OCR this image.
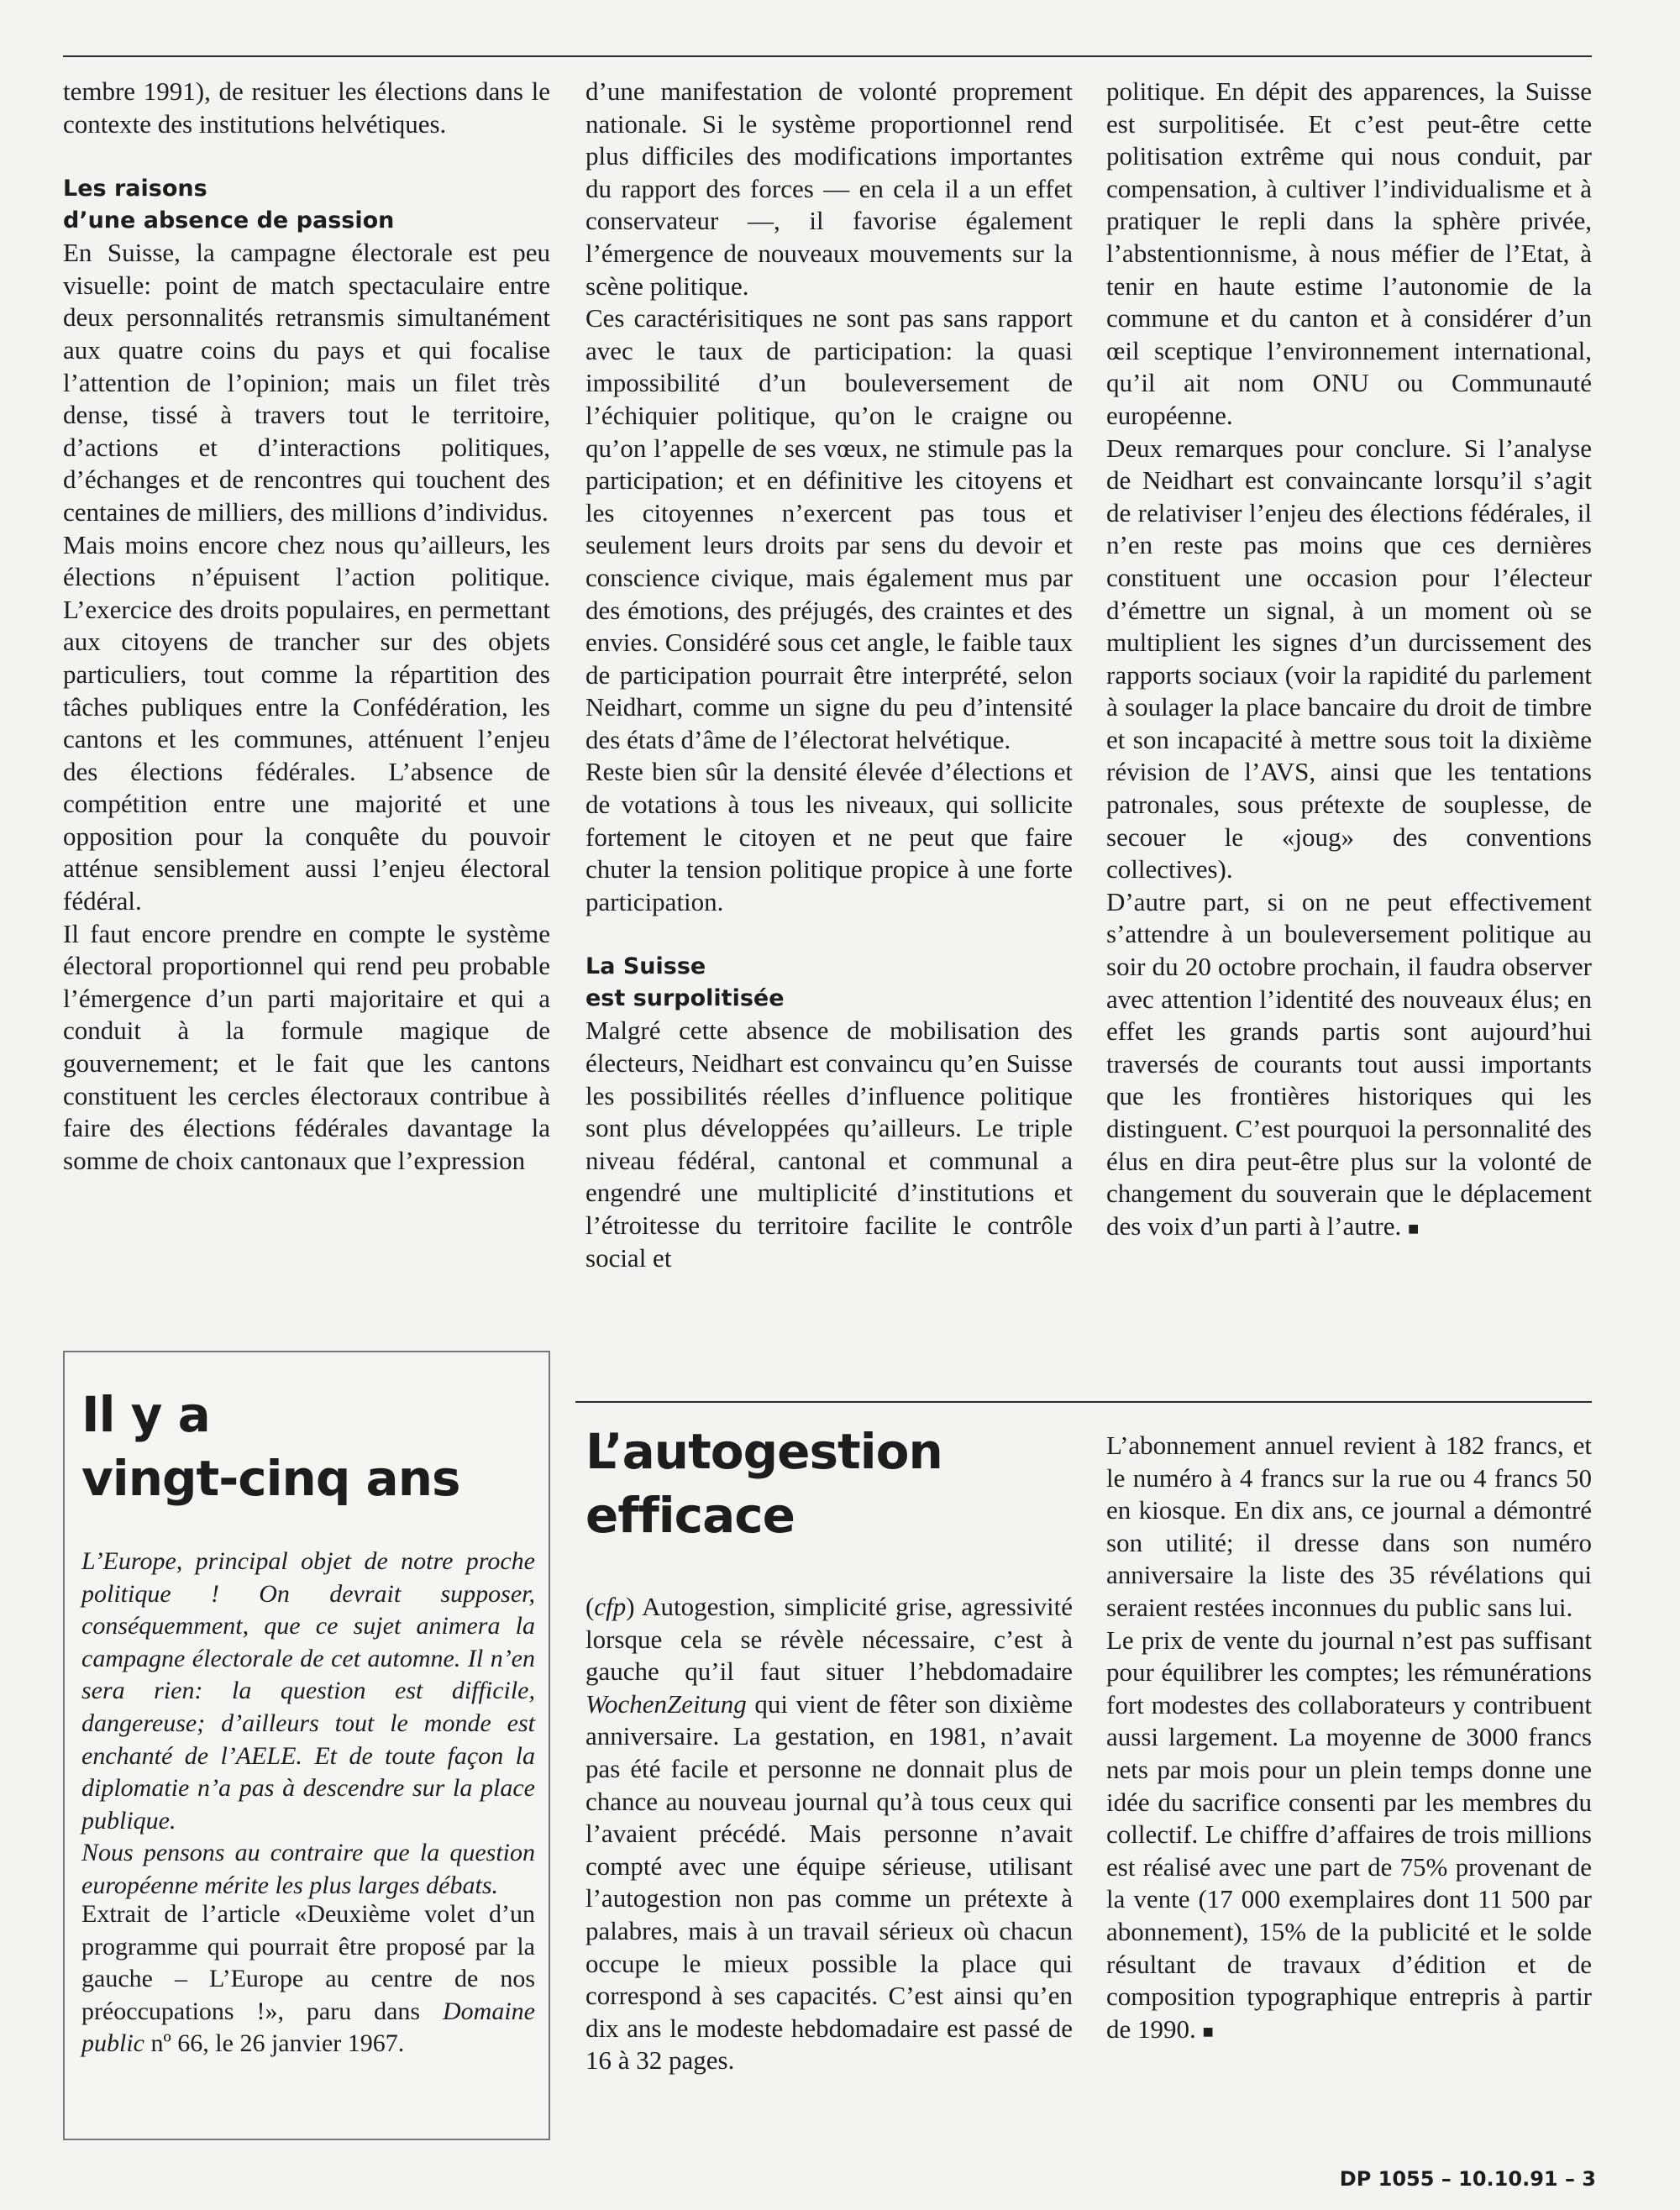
tembre 1991), de resituer les élections dans le contexte des institutions helvétiques.

Les raisons
d’une absence de passion

En Suisse, la campagne électorale est peu visuelle: point de match spectaculaire entre deux personnalités retransmis simultanément aux quatre coins du pays et qui focalise l’attention de l’opinion; mais un filet très dense, tissé à travers tout le territoire, d’actions et d’interactions politiques, d’échanges et de rencontres qui touchent des centaines de milliers, des millions d’individus.

Mais moins encore chez nous qu’ailleurs, les élections n’épuisent l’action politique. L’exercice des droits populaires, en permettant aux citoyens de trancher sur des objets particuliers, tout comme la répartition des tâches publiques entre la Confédération, les cantons et les communes, atténuent l’enjeu des élections fédérales. L’absence de compétition entre une majorité et une opposition pour la conquête du pouvoir atténue sensiblement aussi l’enjeu électoral fédéral.

Il faut encore prendre en compte le système électoral proportionnel qui rend peu probable l’émergence d’un parti majoritaire et qui a conduit à la formule magique de gouvernement; et le fait que les cantons constituent les cercles électoraux contribue à faire des élections fédérales davantage la somme de choix cantonaux que l’expression

d’une manifestation de volonté proprement nationale. Si le système proportionnel rend plus difficiles des modifications importantes du rapport des forces — en cela il a un effet conservateur —, il favorise également l’émergence de nouveaux mouvements sur la scène politique.

Ces caractérisitiques ne sont pas sans rapport avec le taux de participation: la quasi impossibilité d’un bouleversement de l’échiquier politique, qu’on le craigne ou qu’on l’appelle de ses vœux, ne stimule pas la participation; et en définitive les citoyens et les citoyennes n’exercent pas tous et seulement leurs droits par sens du devoir et conscience civique, mais également mus par des émotions, des préjugés, des craintes et des envies. Considéré sous cet angle, le faible taux de participation pourrait être interprété, selon Neidhart, comme un signe du peu d’intensité des états d’âme de l’électorat helvétique.

Reste bien sûr la densité élevée d’élections et de votations à tous les niveaux, qui sollicite fortement le citoyen et ne peut que faire chuter la tension politique propice à une forte participation.

La Suisse
est surpolitisée

Malgré cette absence de mobilisation des électeurs, Neidhart est convaincu qu’en Suisse les possibilités réelles d’influence politique sont plus développées qu’ailleurs. Le triple niveau fédéral, cantonal et communal a engendré une multiplicité d’institutions et l’étroitesse du territoire facilite le contrôle social et

politique. En dépit des apparences, la Suisse est surpolitisée. Et c’est peut-être cette politisation extrême qui nous conduit, par compensation, à cultiver l’individualisme et à pratiquer le repli dans la sphère privée, l’abstentionnisme, à nous méfier de l’Etat, à tenir en haute estime l’autonomie de la commune et du canton et à considérer d’un œil sceptique l’environnement international, qu’il ait nom ONU ou Communauté européenne.

Deux remarques pour conclure. Si l’analyse de Neidhart est convaincante lorsqu’il s’agit de relativiser l’enjeu des élections fédérales, il n’en reste pas moins que ces dernières constituent une occasion pour l’électeur d’émettre un signal, à un moment où se multiplient les signes d’un durcissement des rapports sociaux (voir la rapidité du parlement à soulager la place bancaire du droit de timbre et son incapacité à mettre sous toit la dixième révision de l’AVS, ainsi que les tentations patronales, sous prétexte de souplesse, de secouer le «joug» des conventions collectives).

D’autre part, si on ne peut effectivement s’attendre à un bouleversement politique au soir du 20 octobre prochain, il faudra observer avec attention l’identité des nouveaux élus; en effet les grands partis sont aujourd’hui traversés de courants tout aussi importants que les frontières historiques qui les distinguent. C’est pourquoi la personnalité des élus en dira peut-être plus sur la volonté de changement du souverain que le déplacement des voix d’un parti à l’autre. ■

Il y a
vingt-cinq ans

L’Europe, principal objet de notre proche politique ! On devrait supposer, conséquemment, que ce sujet animera la campagne électorale de cet automne. Il n’en sera rien: la question est difficile, dangereuse; d’ailleurs tout le monde est enchanté de l’AELE. Et de toute façon la diplomatie n’a pas à descendre sur la place publique.

Nous pensons au contraire que la question européenne mérite les plus larges débats.

Extrait de l’article «Deuxième volet d’un programme qui pourrait être proposé par la gauche – L’Europe au centre de nos préoccupations !», paru dans Domaine public nº 66, le 26 janvier 1967.
L’autogestion
efficace

(cfp) Autogestion, simplicité grise, agressivité lorsque cela se révèle nécessaire, c’est à gauche qu’il faut situer l’hebdomadaire WochenZeitung qui vient de fêter son dixième anniversaire. La gestation, en 1981, n’avait pas été facile et personne ne donnait plus de chance au nouveau journal qu’à tous ceux qui l’avaient précédé. Mais personne n’avait compté avec une équipe sérieuse, utilisant l’autogestion non pas comme un prétexte à palabres, mais à un travail sérieux où chacun occupe le mieux possible la place qui correspond à ses capacités. C’est ainsi qu’en dix ans le modeste hebdomadaire est passé de 16 à 32 pages.

L’abonnement annuel revient à 182 francs, et le numéro à 4 francs sur la rue ou 4 francs 50 en kiosque. En dix ans, ce journal a démontré son utilité; il dresse dans son numéro anniversaire la liste des 35 révélations qui seraient restées inconnues du public sans lui.

Le prix de vente du journal n’est pas suffisant pour équilibrer les comptes; les rémunérations fort modestes des collaborateurs y contribuent aussi largement. La moyenne de 3000 francs nets par mois pour un plein temps donne une idée du sacrifice consenti par les membres du collectif. Le chiffre d’affaires de trois millions est réalisé avec une part de 75% provenant de la vente (17 000 exemplaires dont 11 500 par abonnement), 15% de la publicité et le solde résultant de travaux d’édition et de composition typographique entrepris à partir de 1990. ■

DP 1055 – 10.10.91 – 3
